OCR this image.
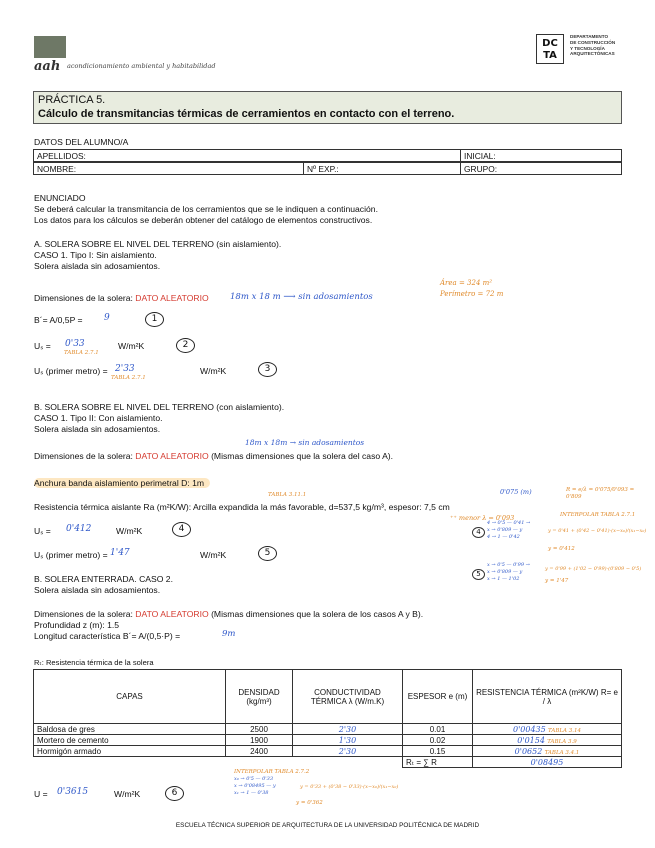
aah acondicionamiento ambiental y habitabilidad
DC
TA
DEPARTAMENTO
DE CONSTRUCCIÓN
Y TECNOLOGÍA
ARQUITECTÓNICAS
PRÁCTICA 5.
Cálculo de transmitancias térmicas de cerramientos en contacto con el terreno.
DATOS DEL ALUMNO/A
APELLIDOS:	INICIAL:
NOMBRE:	Nº EXP.:	GRUPO:
ENUNCIADO
Se deberá calcular la transmitancia de los cerramientos que se le indiquen a continuación.
Los datos para los cálculos se deberán obtener del catálogo de elementos constructivos.
A. SOLERA SOBRE EL NIVEL DEL TERRENO (sin aislamiento).
CASO 1. Tipo I: Sin aislamiento.
Solera aislada sin adosamientos.
Área = 324 m²
Perímetro = 72 m
Dimensiones de la solera: DATO ALEATORIO	18m x 18 m ⟶ sin adosamientos
B´= A/0,5P = 9	1
Uₛ = 0'33
TABLA 2.7.1
W/m²K	2
Uₛ (primer metro) = 2'33
TABLA 2.7.1
W/m²K	3
B. SOLERA SOBRE EL NIVEL DEL TERRENO (con aislamiento).
CASO 1. Tipo II: Con aislamiento.
Solera aislada sin adosamientos.
18m x 18m → sin adosamientos
Dimensiones de la solera: DATO ALEATORIO (Mismas dimensiones que la solera del caso A).
Anchura banda aislamiento perimetral D: 1m
0'075 (m)	R = e/λ = 0'075/0'093 = 0'809
TABLA 3.11.1
Resistencia térmica aislante Ra (m²K/W): Arcilla expandida la más favorable, d=537,5 kg/m³, espesor: 7,5 cm
⁺⁺ menor λ = 0'093	INTERPOLAR TABLA 2.7.1
Uₛ = 0'412	W/m²K	4	4
4 → 0'5 — 0'41 →
x → 0'809 — y
4 → 1 — 0'42
y = 0'41 + (0'42 − 0'41)·(x−x₀)/(x₁−x₀)
y = 0'412
Uₛ (primer metro) = 1'47	W/m²K	5
5
x → 0'5 — 0'99 →
x → 0'809 — y
x → 1 — 1'02
y = 0'99 + (1'02 − 0'99)·(0'809 − 0'5)
y = 1'47
B. SOLERA ENTERRADA. CASO 2.
Solera aislada sin adosamientos.
Dimensiones de la solera: DATO ALEATORIO (Mismas dimensiones que la solera de los casos A y B).
Profundidad z (m): 1.5
Longitud característica B´= A/(0,5·P) =	9m
Rₜ: Resistencia térmica de la solera
CAPAS	DENSIDAD (kg/m³)	CONDUCTIVIDAD TÉRMICA λ (W/m.K)	ESPESOR e (m)	RESISTENCIA TÉRMICA (m²K/W) R= e / λ
Baldosa de gres	2500	2'30	0.01	0'00435 TABLA 3.14
Mortero de cemento	1900	1'30	0.02	0'0154 TABLA 3.9
Hormigón armado	2400	2'30	0.15	0'0652 TABLA 3.4.1
			Rₜ = ∑ R	0'08495
INTERPOLAR TABLA 2.7.2
x₀ → 0'5 — 0'33
x → 0'08495 — y
x₁ → 1 — 0'38
y = 0'33 + (0'38 − 0'33)·(x−x₀)/(x₁−x₀)
y = 0'362
U = 0'3615	W/m²K	6
ESCUELA TÉCNICA SUPERIOR DE ARQUITECTURA DE LA UNIVERSIDAD POLITÉCNICA DE MADRID
